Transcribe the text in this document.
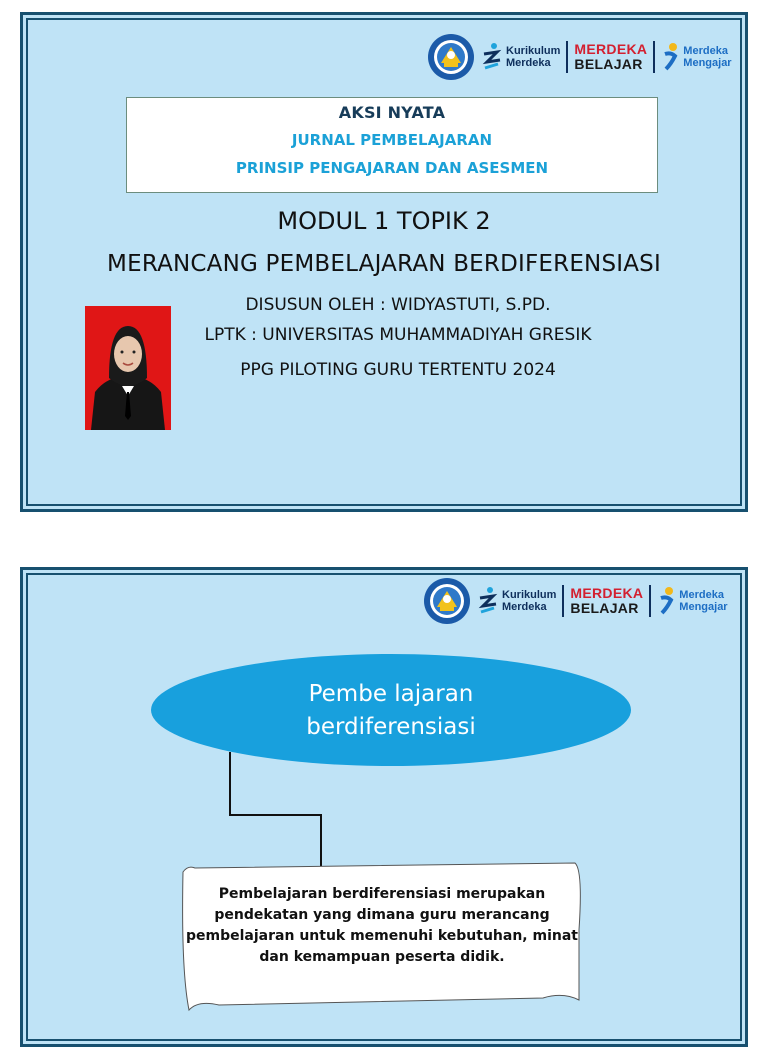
Kurikulum
Merdeka
MERDEKA
BELAJAR
Merdeka
Mengajar
AKSI NYATA
JURNAL PEMBELAJARAN
PRINSIP PENGAJARAN DAN ASESMEN
MODUL 1 TOPIK 2
MERANCANG PEMBELAJARAN BERDIFERENSIASI
DISUSUN OLEH : WIDYASTUTI, S.PD.
LPTK : UNIVERSITAS MUHAMMADIYAH GRESIK
PPG PILOTING GURU TERTENTU 2024
Kurikulum
Merdeka
MERDEKA
BELAJAR
Merdeka
Mengajar
Pembe lajaran
berdiferensiasi
Pembelajaran berdiferensiasi merupakan
pendekatan yang dimana guru merancang
pembelajaran untuk memenuhi kebutuhan, minat
dan kemampuan peserta didik.
